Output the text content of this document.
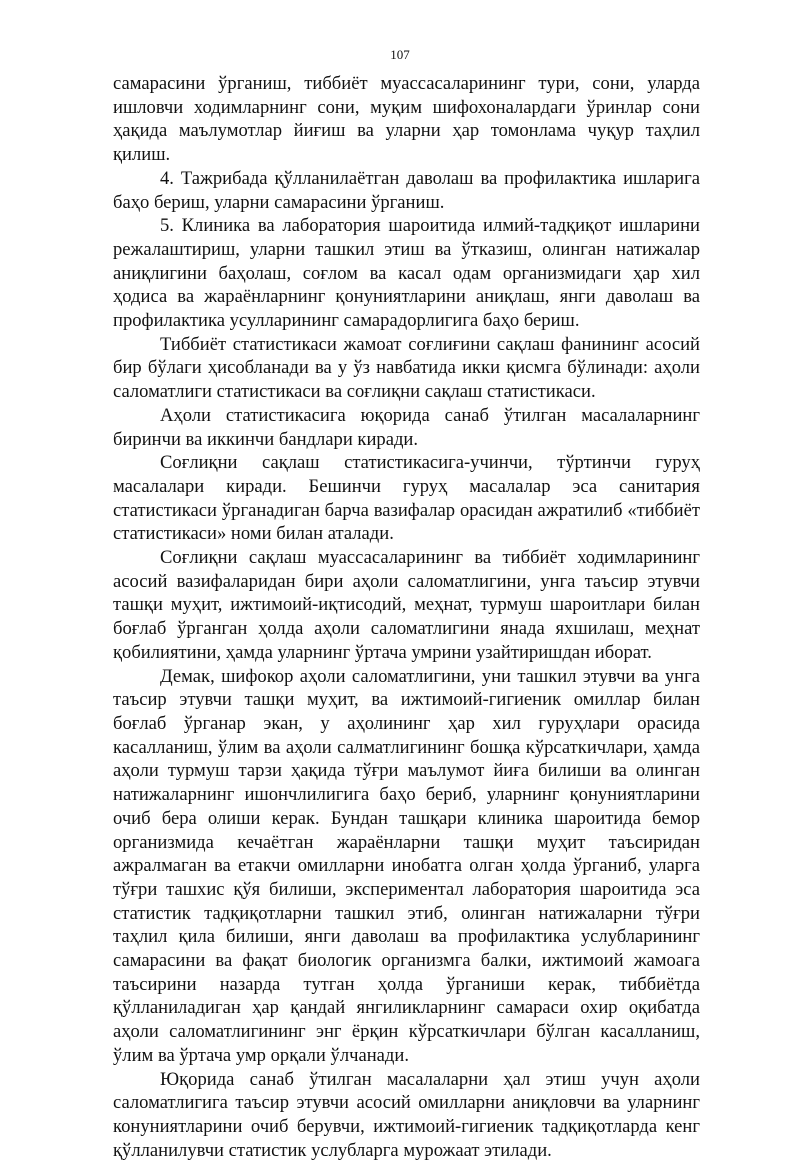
107

самарасини ўрганиш, тиббиёт муассасаларининг тури, сони, уларда ишловчи ходимларнинг сони, муқим шифохоналардаги ўринлар сони ҳақида маълумотлар йиғиш ва уларни ҳар томонлама чуқур таҳлил қилиш.

4. Тажрибада қўлланилаётган даволаш ва профилактика ишларига баҳо бериш, уларни самарасини ўрганиш.

5. Клиника ва лаборатория шароитида илмий-тадқиқот ишларини режалаштириш, уларни ташкил этиш ва ўтказиш, олинган натижалар аниқлигини баҳолаш, соғлом ва касал одам организмидаги ҳар хил ҳодиса ва жараёнларнинг қонуниятларини аниқлаш, янги даволаш ва профилактика усулларининг самарадорлигига баҳо бериш.

Тиббиёт статистикаси жамоат соғлиғини сақлаш фанининг асосий бир бўлаги ҳисобланади ва у ўз навбатида икки қисмга бўлинади: аҳоли саломатлиги статистикаси ва соғлиқни сақлаш статистикаси.

Аҳоли статистикасига юқорида санаб ўтилган масалаларнинг биринчи ва иккинчи бандлари киради.

Соғлиқни сақлаш статистикасига-учинчи, тўртинчи гуруҳ масалалари киради. Бешинчи гуруҳ масалалар эса санитария статистикаси ўрганадиган барча вазифалар орасидан ажратилиб «тиббиёт статистикаси» номи билан аталади.

Соғлиқни сақлаш муассасаларининг ва тиббиёт ходимларининг асосий вазифаларидан бири аҳоли саломатлигини, унга таъсир этувчи ташқи муҳит, ижтимоий-иқтисодий, меҳнат, турмуш шароитлари билан боғлаб ўрганган ҳолда аҳоли саломатлигини янада яхшилаш, меҳнат қобилиятини, ҳамда уларнинг ўртача умрини узайтиришдан иборат.

Демак, шифокор аҳоли саломатлигини, уни ташкил этувчи ва унга таъсир этувчи ташқи муҳит, ва ижтимоий-гигиеник омиллар билан боғлаб ўрганар экан, у аҳолининг ҳар хил гуруҳлари орасида касалланиш, ўлим ва аҳоли салматлигининг бошқа кўрсаткичлари, ҳамда аҳоли турмуш тарзи ҳақида тўғри маълумот йиғa билиши ва олинган натижаларнинг ишончлилигига баҳо бериб, уларнинг қонуниятларини очиб бера олиши керак. Бундан ташқари клиника шароитида бемор организмида кечаётган жараёнларни ташқи муҳит таъсиридан ажралмаган ва етакчи омилларни инобатга олган ҳолда ўрганиб, уларга тўғри ташхис қўя билиши, экспериментал лаборатория шароитида эса статистик тадқиқотларни ташкил этиб, олинган натижаларни тўғри таҳлил қила билиши, янги даволаш ва профилактика услубларининг самарасини ва фақат биологик организмга балки, ижтимоий жамоага таъсирини назарда тутган ҳолда ўрганиши керак, тиббиётда қўлланиладиган ҳар қандай янгиликларнинг самараси охир оқибатда аҳоли саломатлигининг энг ёрқин кўрсаткичлари бўлган касалланиш, ўлим ва ўртача умр орқали ўлчанади.

Юқорида санаб ўтилган масалаларни ҳал этиш учун аҳоли саломатлигига таъсир этувчи асосий омилларни аниқловчи ва уларнинг конуниятларини очиб берувчи, ижтимоий-гигиеник тадқиқотларда кенг қўлланилувчи статистик услубларга мурожаат этилади.
